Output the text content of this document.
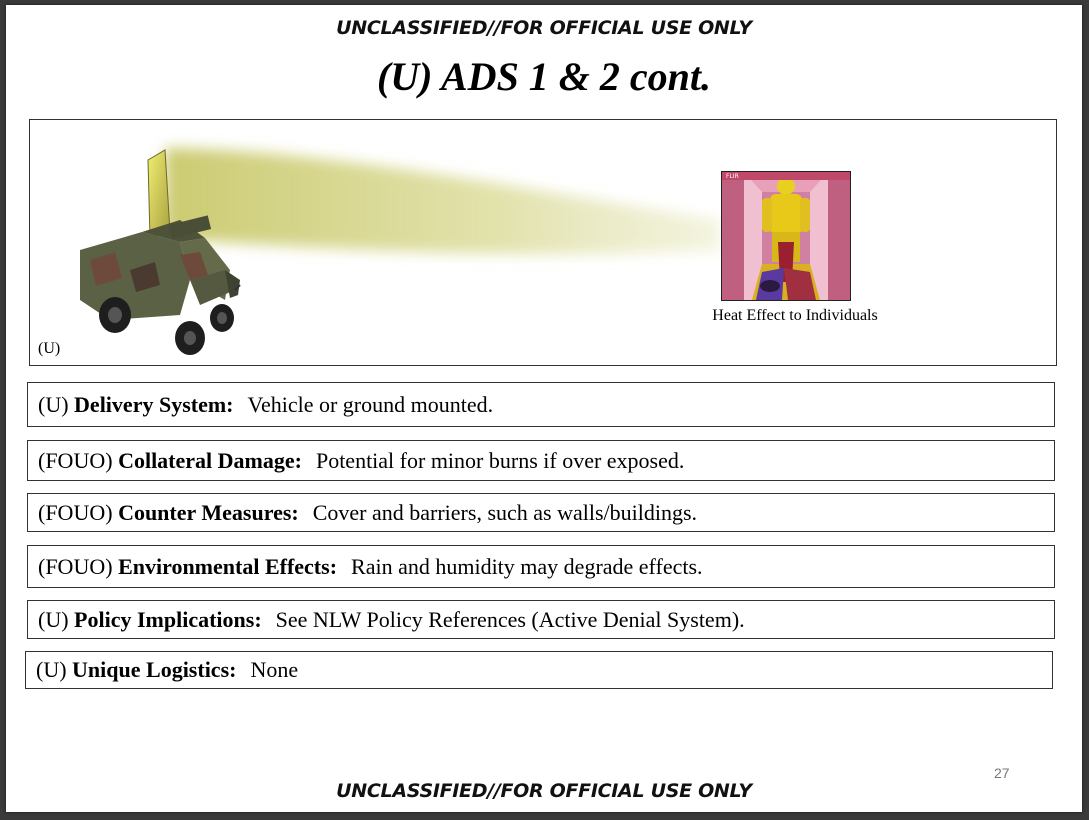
UNCLASSIFIED//FOR OFFICIAL USE ONLY
(U) ADS 1 & 2 cont.
(U)
FLIR
Heat Effect to Individuals
(U)
Delivery System: Vehicle or ground mounted.
(FOUO)
Collateral Damage: Potential for minor burns if over exposed.
(FOUO)
Counter Measures: Cover and barriers, such as walls/buildings.
(FOUO)
Environmental Effects: Rain and humidity may degrade effects.
(U)
Policy Implications: See NLW Policy References (Active Denial System).
(U)
Unique Logistics: None
27
UNCLASSIFIED//FOR OFFICIAL USE ONLY
